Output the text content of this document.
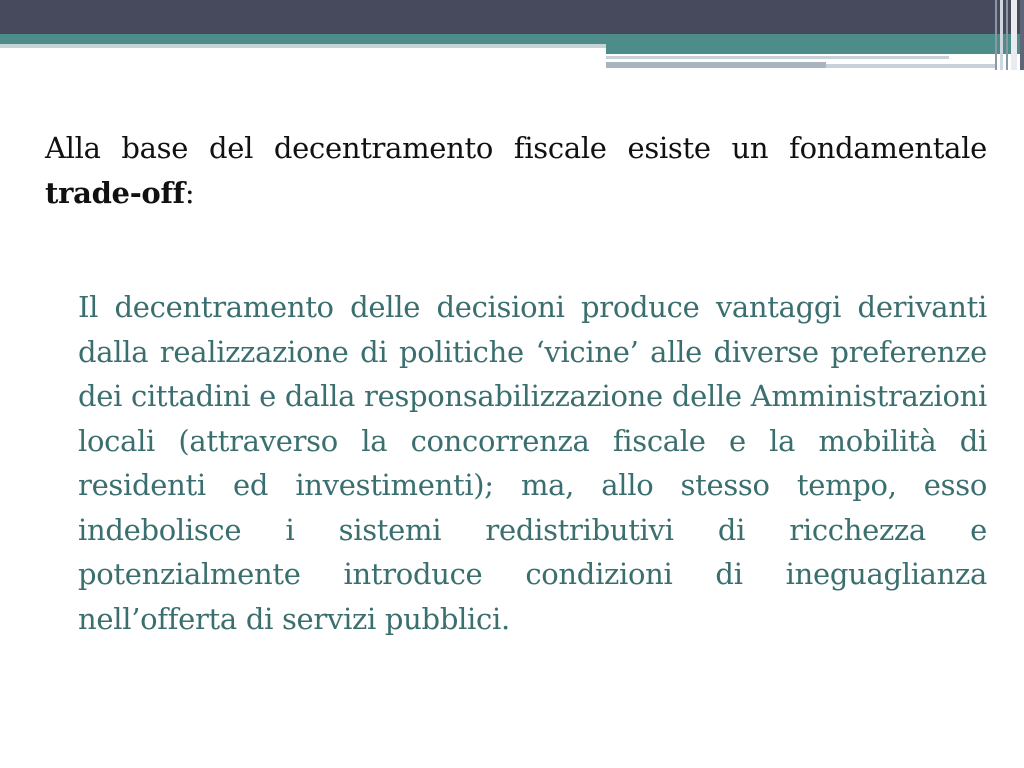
Alla base del decentramento fiscale esiste un fondamentale trade-off:

Il decentramento delle decisioni produce vantaggi derivanti dalla realizzazione di politiche ‘vicine’ alle diverse preferenze dei cittadini e dalla responsabilizzazione delle Amministrazioni locali (attraverso la concorrenza fiscale e la mobilità di residenti ed investimenti); ma, allo stesso tempo, esso indebolisce i sistemi redistributivi di ricchezza e potenzialmente introduce condizioni di ineguaglianza nell’offerta di servizi pubblici.
